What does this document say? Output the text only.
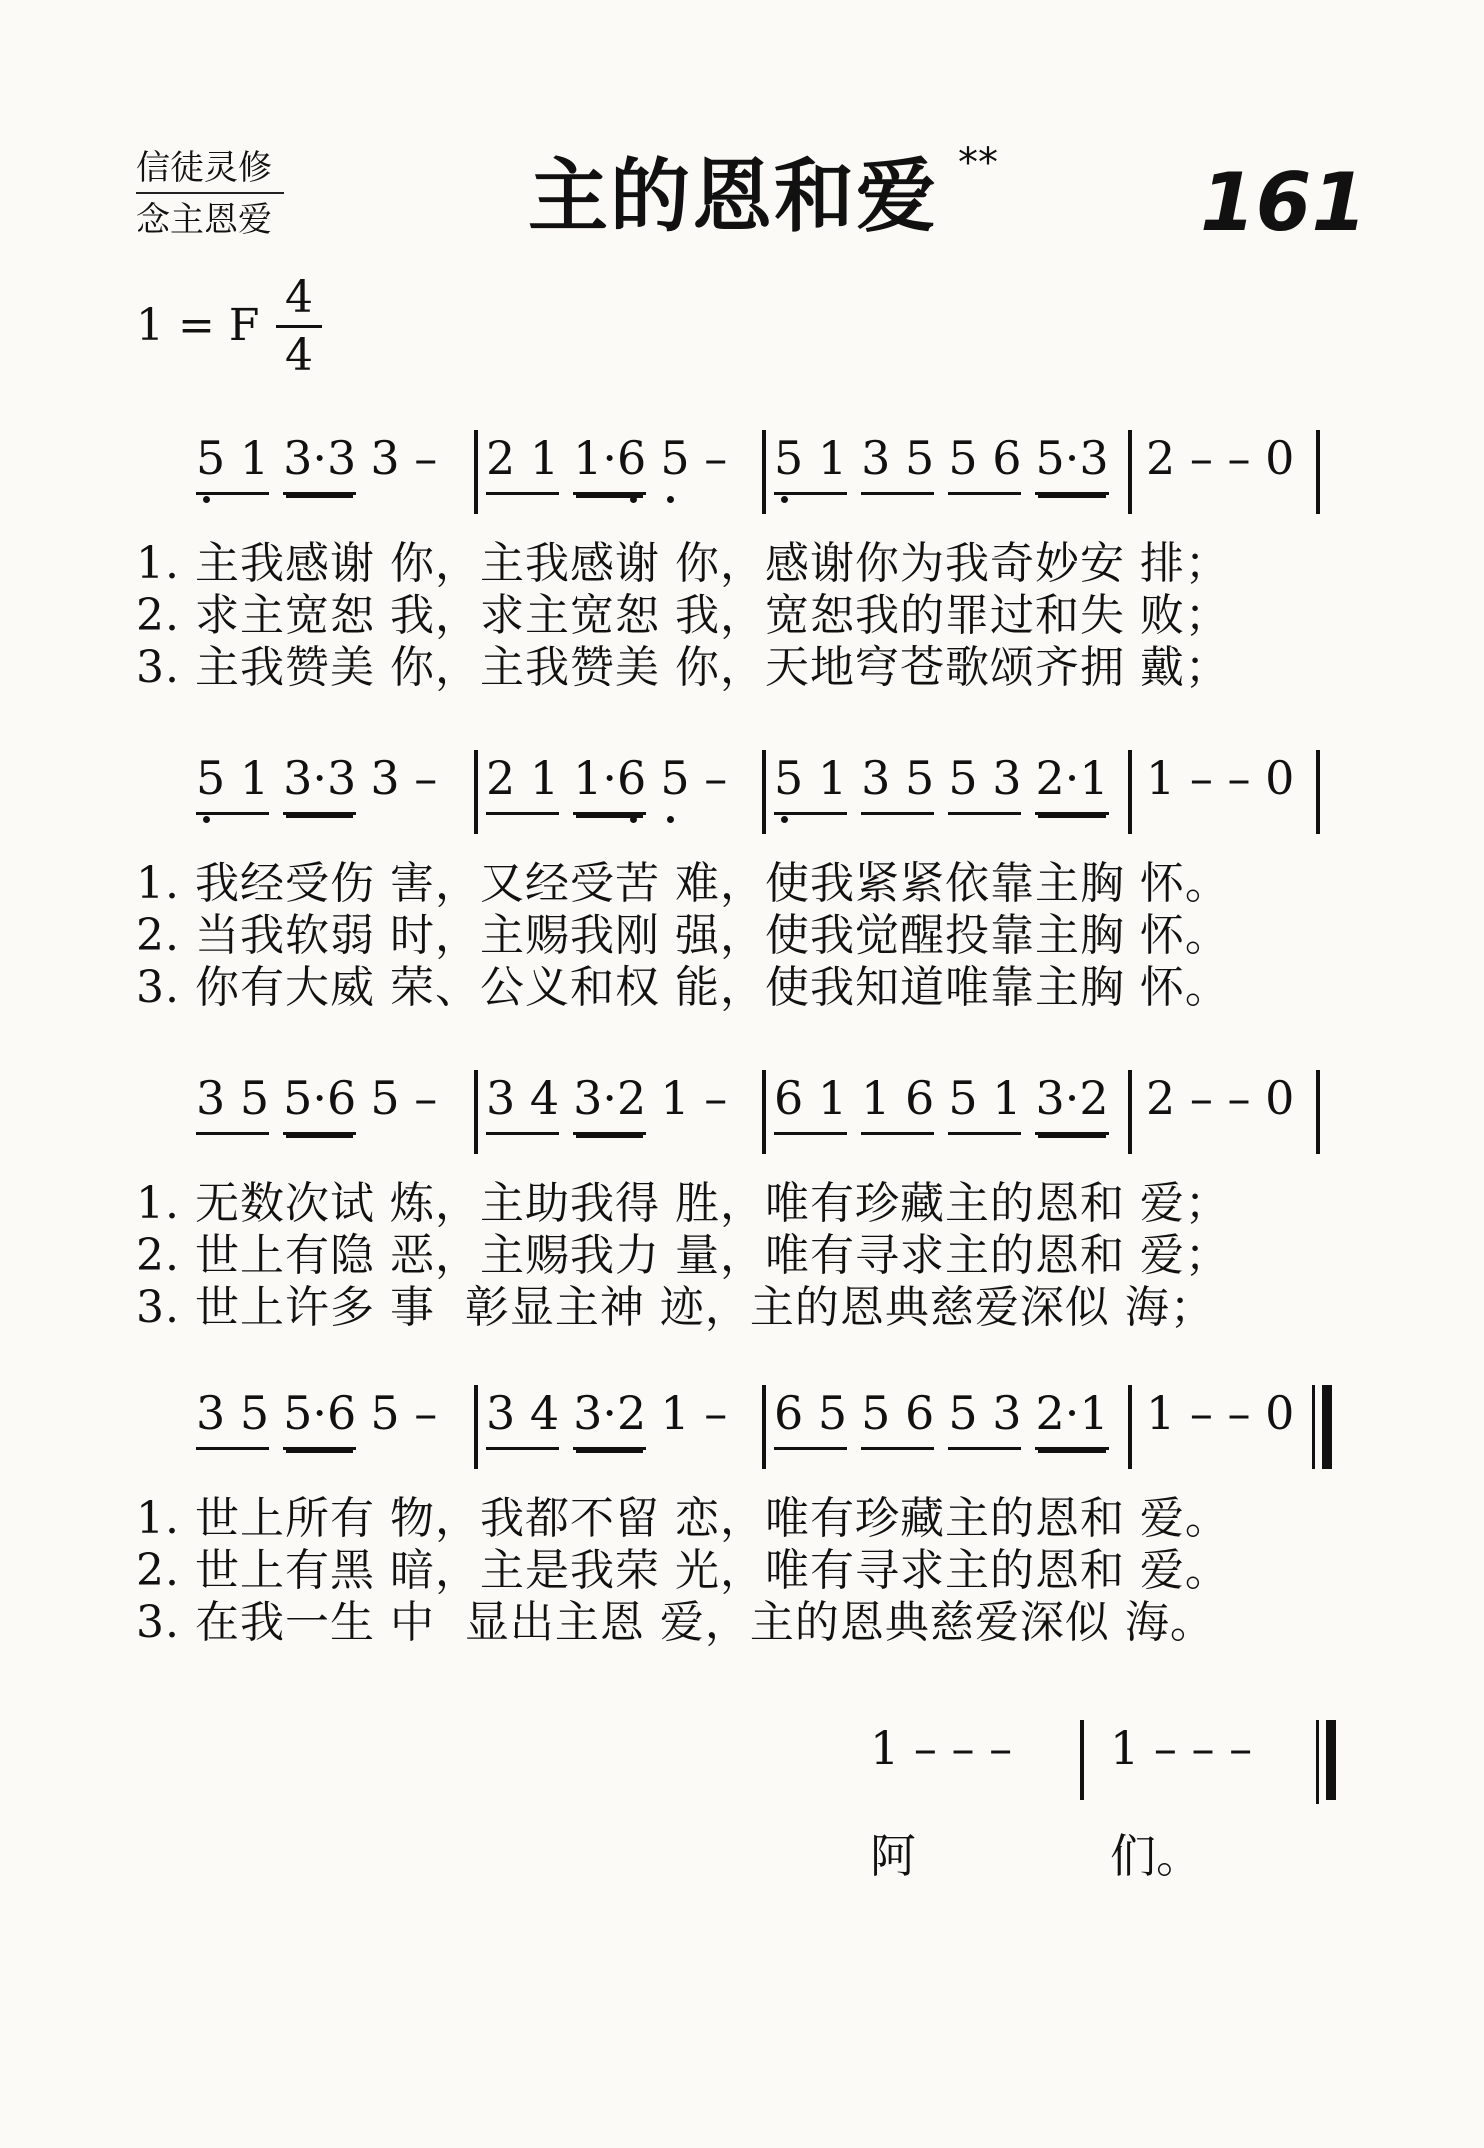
信徒灵修
念主恩爱	主的恩和爱 **	161
1 = F
4
4
5 1 3·3 3 – 2 1 1·6 5 – 5 1 3 5 5 6 5·3 2 – – 0
1. 主我感谢 你，主我感谢 你，感谢你为我奇妙安 排；
2. 求主宽恕 我，求主宽恕 我，宽恕我的罪过和失 败；
3. 主我赞美 你，主我赞美 你，天地穹苍歌颂齐拥 戴；
5 1 3·3 3 – 2 1 1·6 5 – 5 1 3 5 5 3 2·1 1 – – 0
1. 我经受伤 害，又经受苦 难，使我紧紧依靠主胸 怀。
2. 当我软弱 时，主赐我刚 强，使我觉醒投靠主胸 怀。
3. 你有大威 荣、公义和权 能，使我知道唯靠主胸 怀。
3 5 5·6 5 – 3 4 3·2 1 – 6 1 1 6 5 1 3·2 2 – – 0
1. 无数次试 炼，主助我得 胜，唯有珍藏主的恩和 爱；
2. 世上有隐 恶，主赐我力 量，唯有寻求主的恩和 爱；
3. 世上许多 事  彰显主神 迹，主的恩典慈爱深似 海；
3 5 5·6 5 – 3 4 3·2 1 – 6 5 5 6 5 3 2·1 1 – – 0
1. 世上所有 物，我都不留 恋，唯有珍藏主的恩和 爱。
2. 世上有黑 暗，主是我荣 光，唯有寻求主的恩和 爱。
3. 在我一生 中  显出主恩 爱，主的恩典慈爱深似 海。
1 – – – 1 – – –
阿	们。
